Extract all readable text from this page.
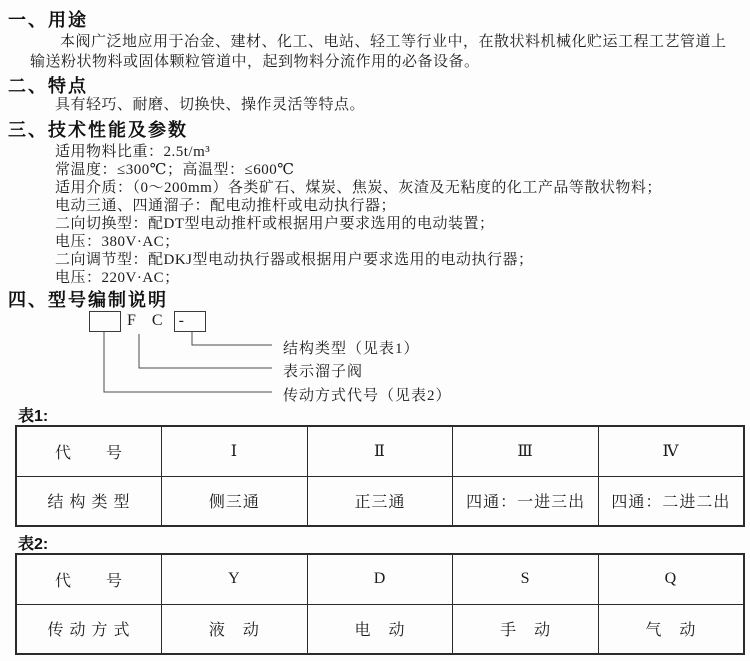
一、用途
本阀广泛地应用于冶金、建材、化工、电站、轻工等行业中，在散状料机械化贮运工程工艺管道上输送粉状物料或固体颗粒管道中，起到物料分流作用的必备设备。
二、特点
具有轻巧、耐磨、切换快、操作灵活等特点。
三、技术性能及参数
适用物料比重：2.5t/m³
常温度：≤300℃；高温型：≤600℃
适用介质：（0～200mm）各类矿石、煤炭、焦炭、灰渣及无粘度的化工产品等散状物料；
电动三通、四通溜子：配电动推杆或电动执行器；
二向切换型：配DT型电动推杆或根据用户要求选用的电动装置；
电压：380V·AC；
二向调节型：配DKJ型电动执行器或根据用户要求选用的电动执行器；
电压：220V·AC；
四、型号编制说明
F C -
结构类型（见表1）
表示溜子阀
传动方式代号（见表2）
表1:
代　　号	Ⅰ	Ⅱ	Ⅲ	Ⅳ
结 构 类 型	侧三通	正三通	四通：一进三出	四通：二进二出
表2:
代　　号	Y	D	S	Q
传 动 方 式	液　动	电　动	手　动	气　动
